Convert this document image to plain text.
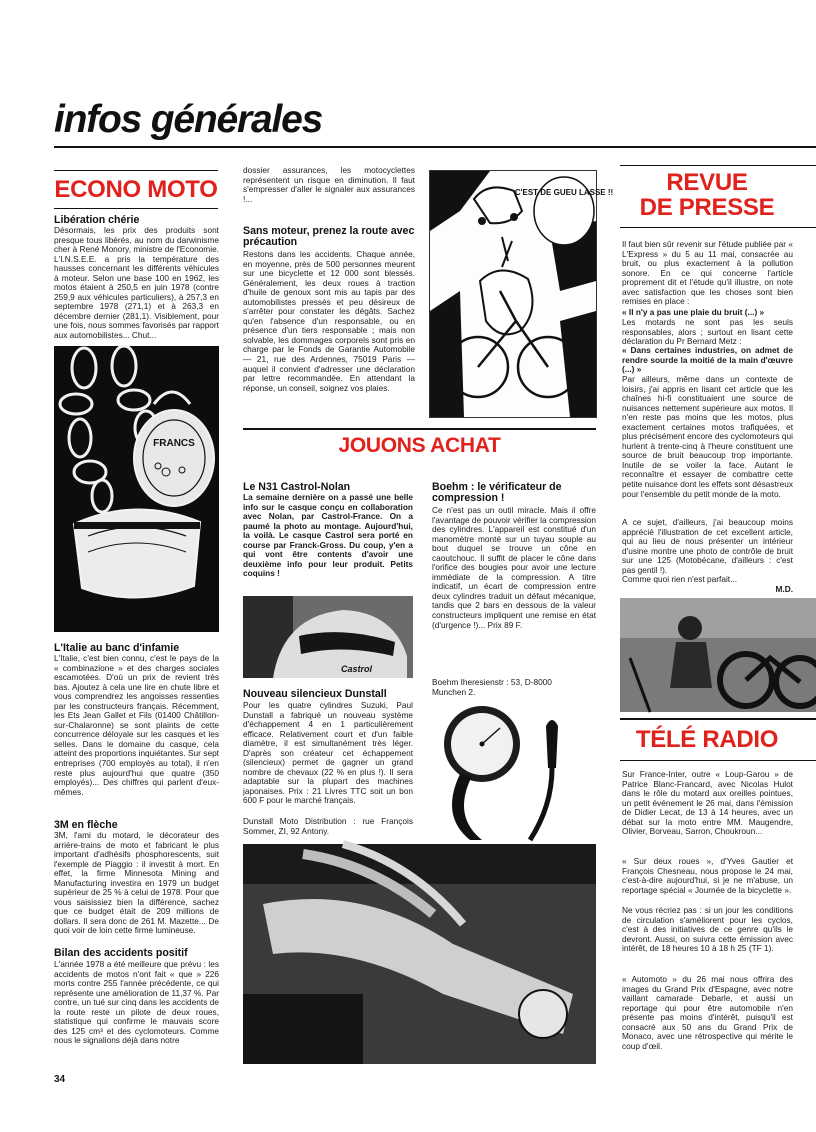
infos générales
ECONO MOTO
Libération chérie
Désormais, les prix des produits sont presque tous libérés, au nom du darwinisme cher à René Monory, ministre de l'Economie. L'I.N.S.E.E. a pris la température des hausses concernant les différents véhicules à moteur. Selon une base 100 en 1962, les motos étaient à 250,5 en juin 1978 (contre 259,9 aux véhicules particuliers), à 257,3 en septembre 1978 (271,1) et à 263,3 en décembre dernier (281,1). Visiblement, pour une fois, nous sommes favorisés par rapport aux automobilistes... Chut...
FRANCS
L'Italie au banc d'infamie
L'Italie, c'est bien connu, c'est le pays de la « combinazione » et des charges sociales escamotées. D'où un prix de revient très bas. Ajoutez à cela une lire en chute libre et vous comprendrez les angoisses ressenties par les constructeurs français. Récemment, les Ets Jean Gallet et Fils (01400 Châtillon-sur-Chalaronne) se sont plaints de cette concurrence déloyale sur les casques et les selles. Dans le domaine du casque, cela atteint des proportions inquiétantes. Sur sept entreprises (700 employés au total), il n'en reste plus aujourd'hui que quatre (350 employés)... Des chiffres qui parlent d'eux-mêmes.
3M en flèche
3M, l'ami du motard, le décorateur des arrière-trains de moto et fabricant le plus important d'adhésifs phosphorescents, suit l'exemple de Piaggio : il investit à mort. En effet, la firme Minnesota Mining and Manufacturing investira en 1979 un budget supérieur de 25 % à celui de 1978. Pour que vous saisissiez bien la différence, sachez que ce budget était de 209 millions de dollars. Il sera donc de 261 M. Mazette... De quoi voir de loin cette firme lumineuse.
Bilan des accidents positif
L'année 1978 a été meilleure que prévu : les accidents de motos n'ont fait « que » 226 morts contre 255 l'année précédente, ce qui représente une amélioration de 11,37 %. Par contre, un tué sur cinq dans les accidents de la route reste un pilote de deux roues, statistique qui confirme le mauvais score des 125 cm³ et des cyclomoteurs. Comme nous le signalions déjà dans notre
34
dossier assurances, les motocyclettes représentent un risque en diminution. Il faut s'empresser d'aller le signaler aux assurances !...
Sans moteur, prenez la route avec précaution
Restons dans les accidents. Chaque année, en moyenne, près de 500 personnes meurent sur une bicyclette et 12 000 sont blessés. Généralement, les deux roues à traction d'huile de genoux sont mis au tapis par des automobilistes pressés et peu désireux de s'arrêter pour constater les dégâts. Sachez qu'en l'absence d'un responsable, ou en présence d'un tiers responsable ; mais non solvable, les dommages corporels sont pris en charge par le Fonds de Garantie Automobile — 21, rue des Ardennes, 75019 Paris — auquel il convient d'adresser une déclaration par lettre recommandée. En attendant la réponse, un conseil, soignez vos plaies.
C'EST DE GUEU LASSE !!
JOUONS ACHAT
Le N31 Castrol-Nolan
La semaine dernière on a passé une belle info sur le casque conçu en collaboration avec Nolan, par Castrol-France. On a paumé la photo au montage. Aujourd'hui, la voilà. Le casque Castrol sera porté en course par Franck-Gross. Du coup, y'en a qui vont être contents d'avoir une deuxième info pour leur produit. Petits coquins !
Castrol
Boehm : le vérificateur de compression !
Ce n'est pas un outil miracle. Mais il offre l'avantage de pouvoir vérifier la compression des cylindres. L'appareil est constitué d'un manomètre monté sur un tuyau souple au bout duquel se trouve un cône en caoutchouc. Il suffit de placer le cône dans l'orifice des bougies pour avoir une lecture immédiate de la compression. A titre indicatif, un écart de compression entre deux cylindres traduit un défaut mécanique, tandis que 2 bars en dessous de la valeur constructeurs impliquent une remise en état (d'urgence !)... Prix 89 F.
Boehm Iheresienstr : 53, D-8000
Munchen 2.
Nouveau silencieux Dunstall
Pour les quatre cylindres Suzuki, Paul Dunstall a fabriqué un nouveau système d'échappement 4 en 1 particulièrement efficace. Relativement court et d'un faible diamètre, il est simultanément très léger. D'après son créateur cet échappement (silencieux) permet de gagner un grand nombre de chevaux (22 % en plus !). Il sera adaptable sur la plupart des machines japonaises. Prix : 21 Livres TTC soit un bon 600 F pour le marché français.
Dunstall Moto Distribution : rue François Sommer, ZI, 92 Antony.
REVUE
DE PRESSE
Il faut bien sûr revenir sur l'étude publiée par « L'Express » du 5 au 11 mai, consacrée au bruit, ou plus exactement à la pollution sonore. En ce qui concerne l'article proprement dit et l'étude qu'il illustre, on note avec satisfaction que les choses sont bien remises en place :
« Il n'y a pas une plaie du bruit (...) »
Les motards ne sont pas les seuls responsables, alors ; surtout en lisant cette déclaration du Pr Bernard Metz :
« Dans certaines industries, on admet de rendre sourde la moitié de la main d'œuvre (...) »
Par ailleurs, même dans un contexte de loisirs, j'ai appris en lisant cet article que les chaînes hi-fi constituaient une source de nuisances nettement supérieure aux motos. Il n'en reste pas moins que les motos, plus exactement certaines motos trafiquées, et plus précisément encore des cyclomoteurs qui hurlent à trente-cinq à l'heure constituent une source de bruit beaucoup trop importante. Inutile de se voiler la face. Autant le reconnaître et essayer de combattre cette petite nuisance dont les effets sont désastreux pour l'ensemble du petit monde de la moto.
A ce sujet, d'ailleurs, j'ai beaucoup moins apprécié l'illustration de cet excellent article, qui au lieu de nous présenter un intérieur d'usine montre une photo de contrôle de bruit sur une 125 (Motobécane, d'ailleurs : c'est pas gentil !).
Comme quoi rien n'est parfait...
M.D.
TÉLÉ RADIO
Sur France-Inter, outre « Loup-Garou » de Patrice Blanc-Francard, avec Nicolas Hulot dans le rôle du motard aux oreilles pointues, un petit événement le 26 mai, dans l'émission de Didier Lecat, de 13 à 14 heures, avec un débat sur la moto entre MM. Maugendre, Olivier, Borveau, Sarron, Choukroun...
« Sur deux roues », d'Yves Gautier et François Chesneau, nous propose le 24 mai, c'est-à-dire aujourd'hui, si je ne m'abuse, un reportage spécial « Journée de la bicyclette ».
Ne vous récriez pas : si un jour les conditions de circulation s'améliorent pour les cyclos, c'est à des initiatives de ce genre qu'ils le devront. Aussi, on suivra cette émission avec intérêt, de 18 heures 10 à 18 h 25 (TF 1).
« Automoto » du 26 mai nous offrira des images du Grand Prix d'Espagne, avec notre vaillant camarade Debarle, et aussi un reportage qui pour être automobile n'en présente pas moins d'intérêt, puisqu'il est consacré aux 50 ans du Grand Prix de Monaco, avec une rétrospective qui mérite le coup d'œil.
